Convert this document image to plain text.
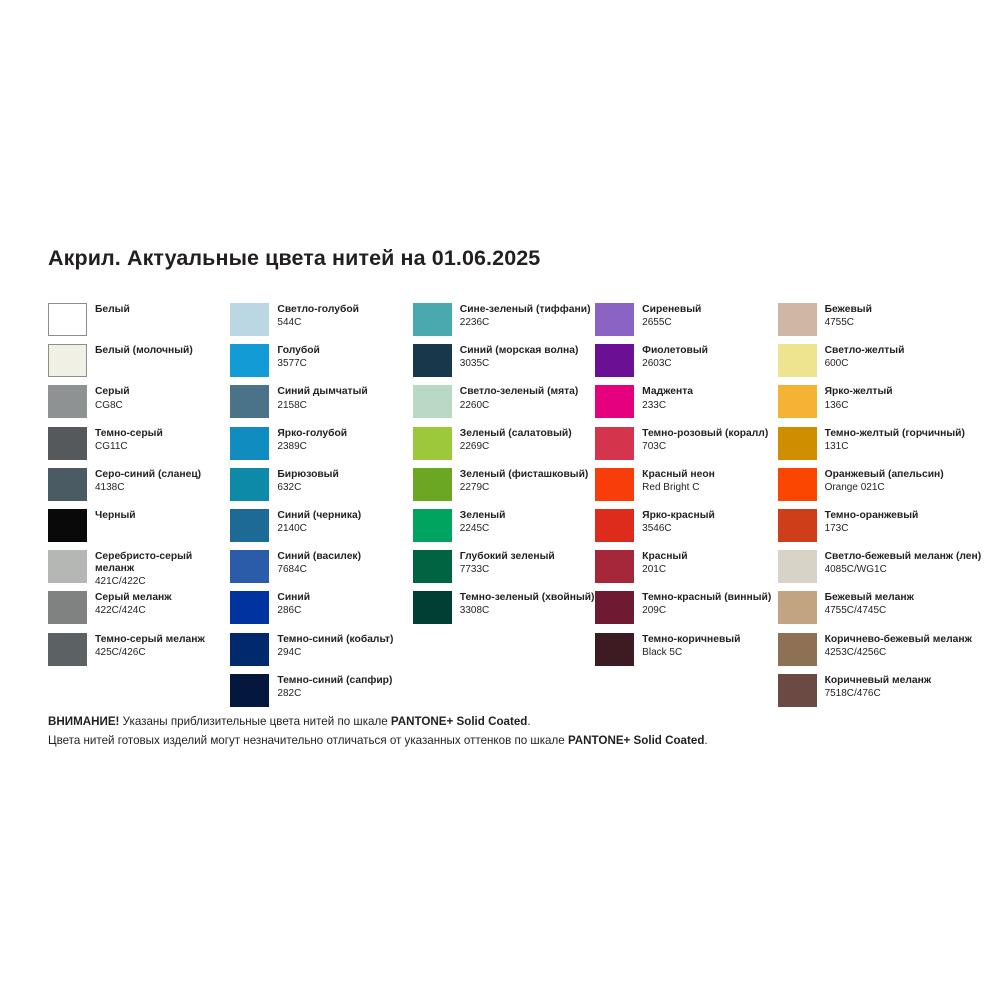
Акрил. Актуальные цвета нитей на 01.06.2025
Белый
Белый (молочный)
Серый
CG8C
Темно-серый
CG11C
Серо-синий (сланец)
4138C
Черный
Серебристо-серый меланж
421C/422C
Серый меланж
422C/424C
Темно-серый меланж
425C/426C
Светло-голубой
544C
Голубой
3577C
Синий дымчатый
2158C
Ярко-голубой
2389C
Бирюзовый
632C
Синий (черника)
2140C
Синий (василек)
7684C
Синий
286C
Темно-синий (кобальт)
294C
Темно-синий (сапфир)
282C
Сине-зеленый (тиффани)
2236C
Синий (морская волна)
3035C
Светло-зеленый (мята)
2260C
Зеленый (салатовый)
2269C
Зеленый (фисташковый)
2279C
Зеленый
2245C
Глубокий зеленый
7733C
Темно-зеленый (хвойный)
3308C
Сиреневый
2655C
Фиолетовый
2603C
Маджента
233C
Темно-розовый (коралл)
703C
Красный неон
Red Bright C
Ярко-красный
3546C
Красный
201C
Темно-красный (винный)
209C
Темно-коричневый
Black 5C
Бежевый
4755C
Светло-желтый
600C
Ярко-желтый
136C
Темно-желтый (горчичный)
131C
Оранжевый (апельсин)
Orange 021C
Темно-оранжевый
173C
Светло-бежевый меланж (лен)
4085C/WG1C
Бежевый меланж
4755C/4745C
Коричнево-бежевый меланж
4253C/4256C
Коричневый меланж
7518C/476C
ВНИМАНИЕ! Указаны приблизительные цвета нитей по шкале PANTONE+ Solid Coated.
Цвета нитей готовых изделий могут незначительно отличаться от указанных оттенков по шкале PANTONE+ Solid Coated.
